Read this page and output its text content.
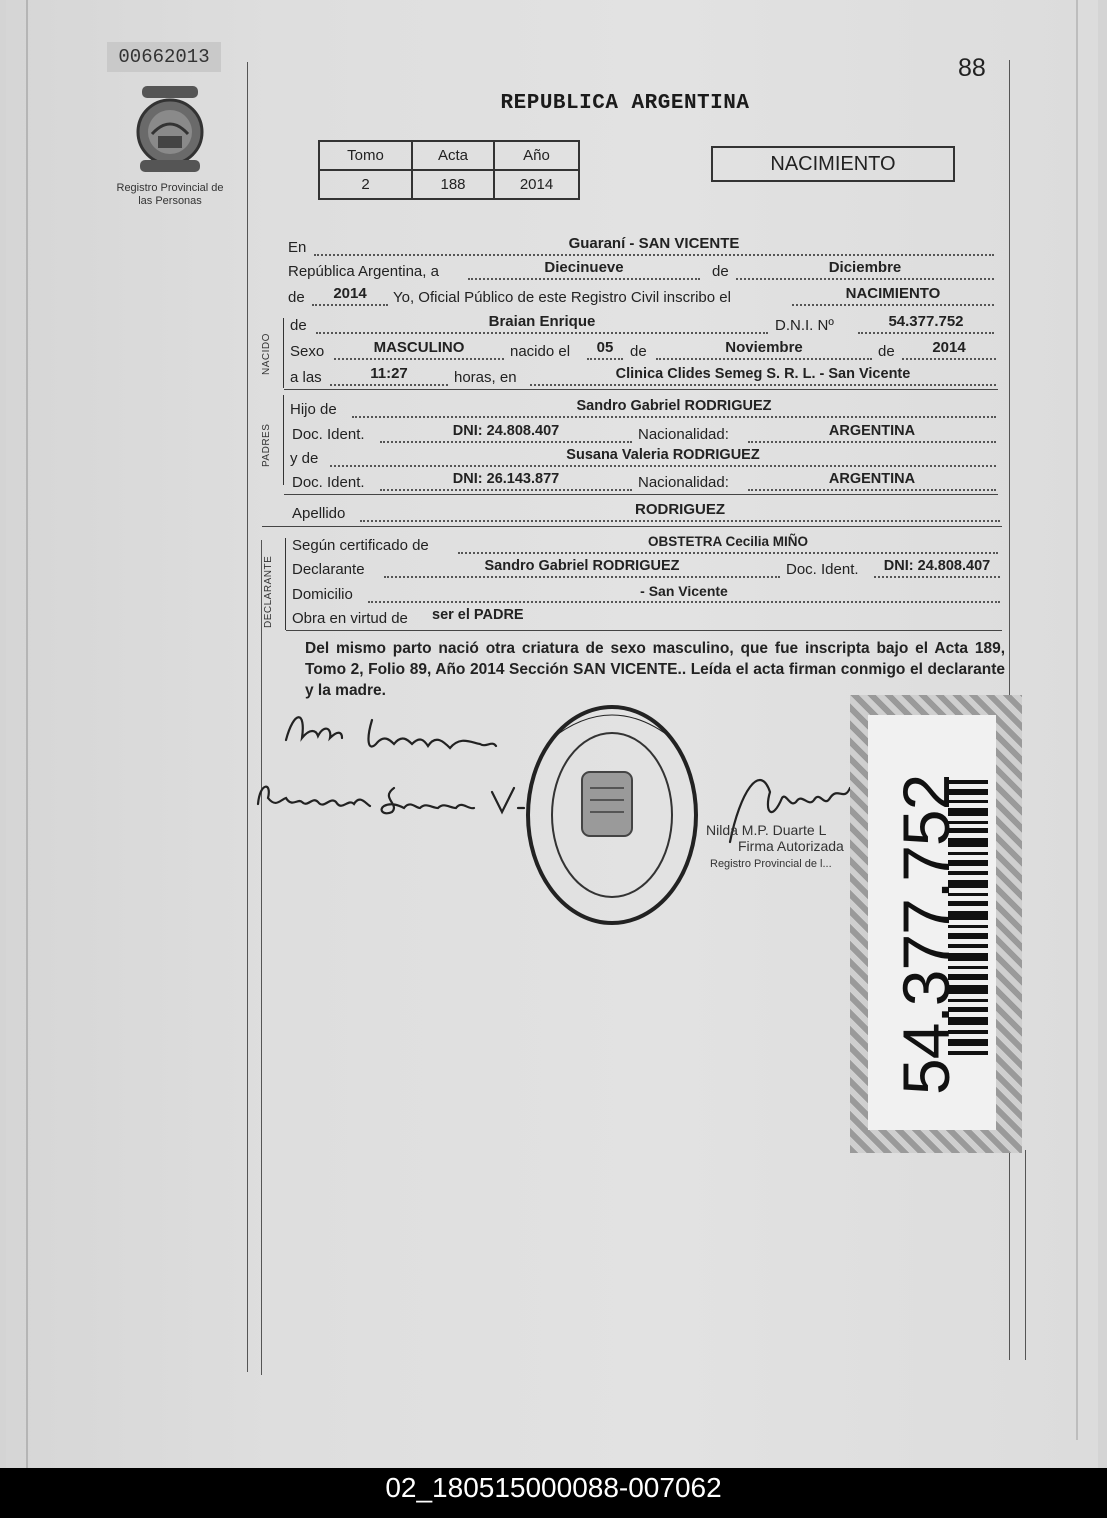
00662013
Registro Provincial de las Personas
88
REPUBLICA ARGENTINA
Tomo	Acta	Año
2	188	2014
NACIMIENTO
NACIDO
PADRES
DECLARANTE
En	Guaraní - SAN VICENTE
República Argentina, a	Diecinueve	de	Diciembre
de	2014	Yo, Oficial Público de este Registro Civil inscribo el	NACIMIENTO
de	Braian Enrique	D.N.I. Nº	54.377.752
Sexo	MASCULINO	nacido el	05	de	Noviembre	de	2014
a las	11:27	horas, en	Clinica Clides Semeg S. R. L. - San Vicente
Hijo de	Sandro Gabriel RODRIGUEZ
Doc. Ident.	DNI: 24.808.407	Nacionalidad:	ARGENTINA
y de	Susana Valeria RODRIGUEZ
Doc. Ident.	DNI: 26.143.877	Nacionalidad:	ARGENTINA
Apellido	RODRIGUEZ
Según certificado de	OBSTETRA Cecilia MIÑO
Declarante	Sandro Gabriel RODRIGUEZ	Doc. Ident.	DNI: 24.808.407
Domicilio	- San Vicente
Obra en virtud de ser el PADRE
Del mismo parto nació otra criatura de sexo masculino, que fue inscripta bajo el Acta 189, Tomo 2, Folio 89, Año 2014 Sección SAN VICENTE.. Leída el acta firman conmigo el declarante y la madre.
Nilda M.P. Duarte L
Firma Autorizada
Registro Provincial de l... 54.377.752
02_180515000088-007062
